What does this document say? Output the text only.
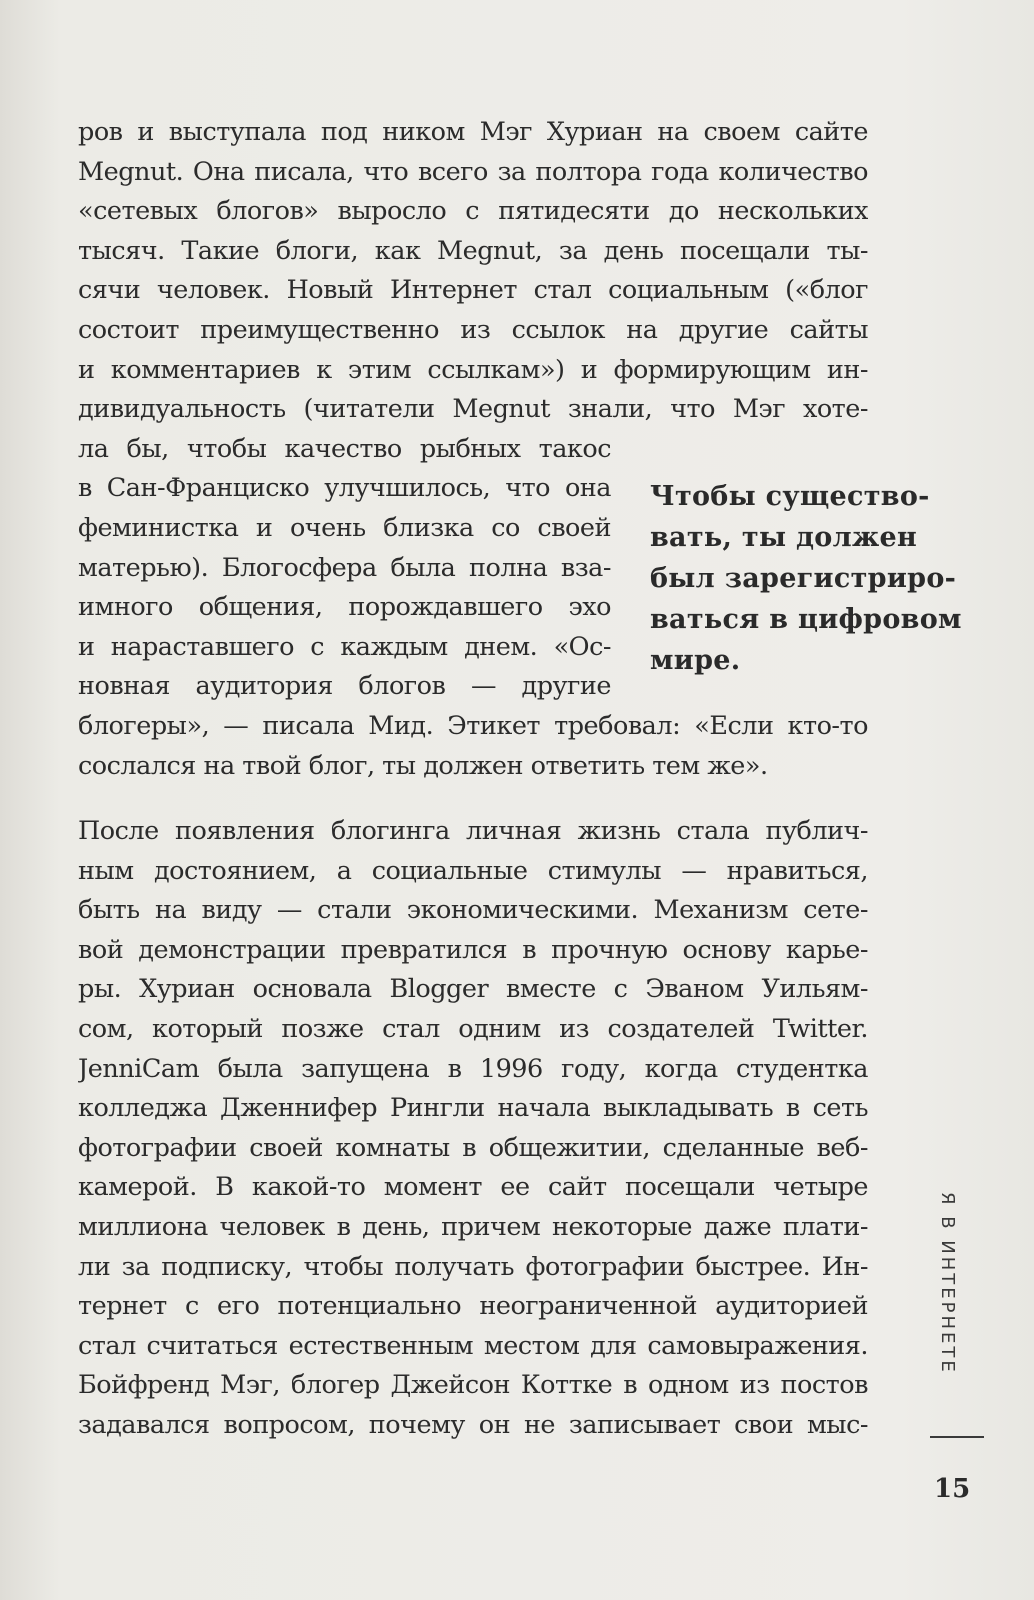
ров и выступала под ником Мэг Хуриан на своем сайте
Megnut. Она писала, что всего за полтора года количество
«сетевых блогов» выросло с пятидесяти до нескольких
тысяч. Такие блоги, как Megnut, за день посещали ты-
сячи человек. Новый Интернет стал социальным («блог
состоит преимущественно из ссылок на другие сайты
и комментариев к этим ссылкам») и формирующим ин-
дивидуальность (читатели Megnut знали, что Мэг хоте-
ла бы, чтобы качество рыбных такос
в Сан-Франциско улучшилось, что она
феминистка и очень близка со своей
матерью). Блогосфера была полна вза-
имного общения, порождавшего эхо
и нараставшего с каждым днем. «Ос-
новная аудитория блогов — другие
блогеры», — писала Мид. Этикет требовал: «Если кто-то
сослался на твой блог, ты должен ответить тем же».
После появления блогинга личная жизнь стала публич-
ным достоянием, а социальные стимулы — нравиться,
быть на виду — стали экономическими. Механизм сете-
вой демонстрации превратился в прочную основу карье-
ры. Хуриан основала Blogger вместе с Эваном Уильям-
сом, который позже стал одним из создателей Twitter.
JenniCam была запущена в 1996 году, когда студентка
колледжа Дженнифер Рингли начала выкладывать в сеть
фотографии своей комнаты в общежитии, сделанные веб-
камерой. В какой-то момент ее сайт посещали четыре
миллиона человек в день, причем некоторые даже плати-
ли за подписку, чтобы получать фотографии быстрее. Ин-
тернет с его потенциально неограниченной аудиторией
стал считаться естественным местом для самовыражения.
Бойфренд Мэг, блогер Джейсон Коттке в одном из постов
задавался вопросом, почему он не записывает свои мыс-
Чтобы существо-
вать, ты должен
был зарегистриро-
ваться в цифровом
мире.
Я В ИНТЕРНЕТЕ
15
